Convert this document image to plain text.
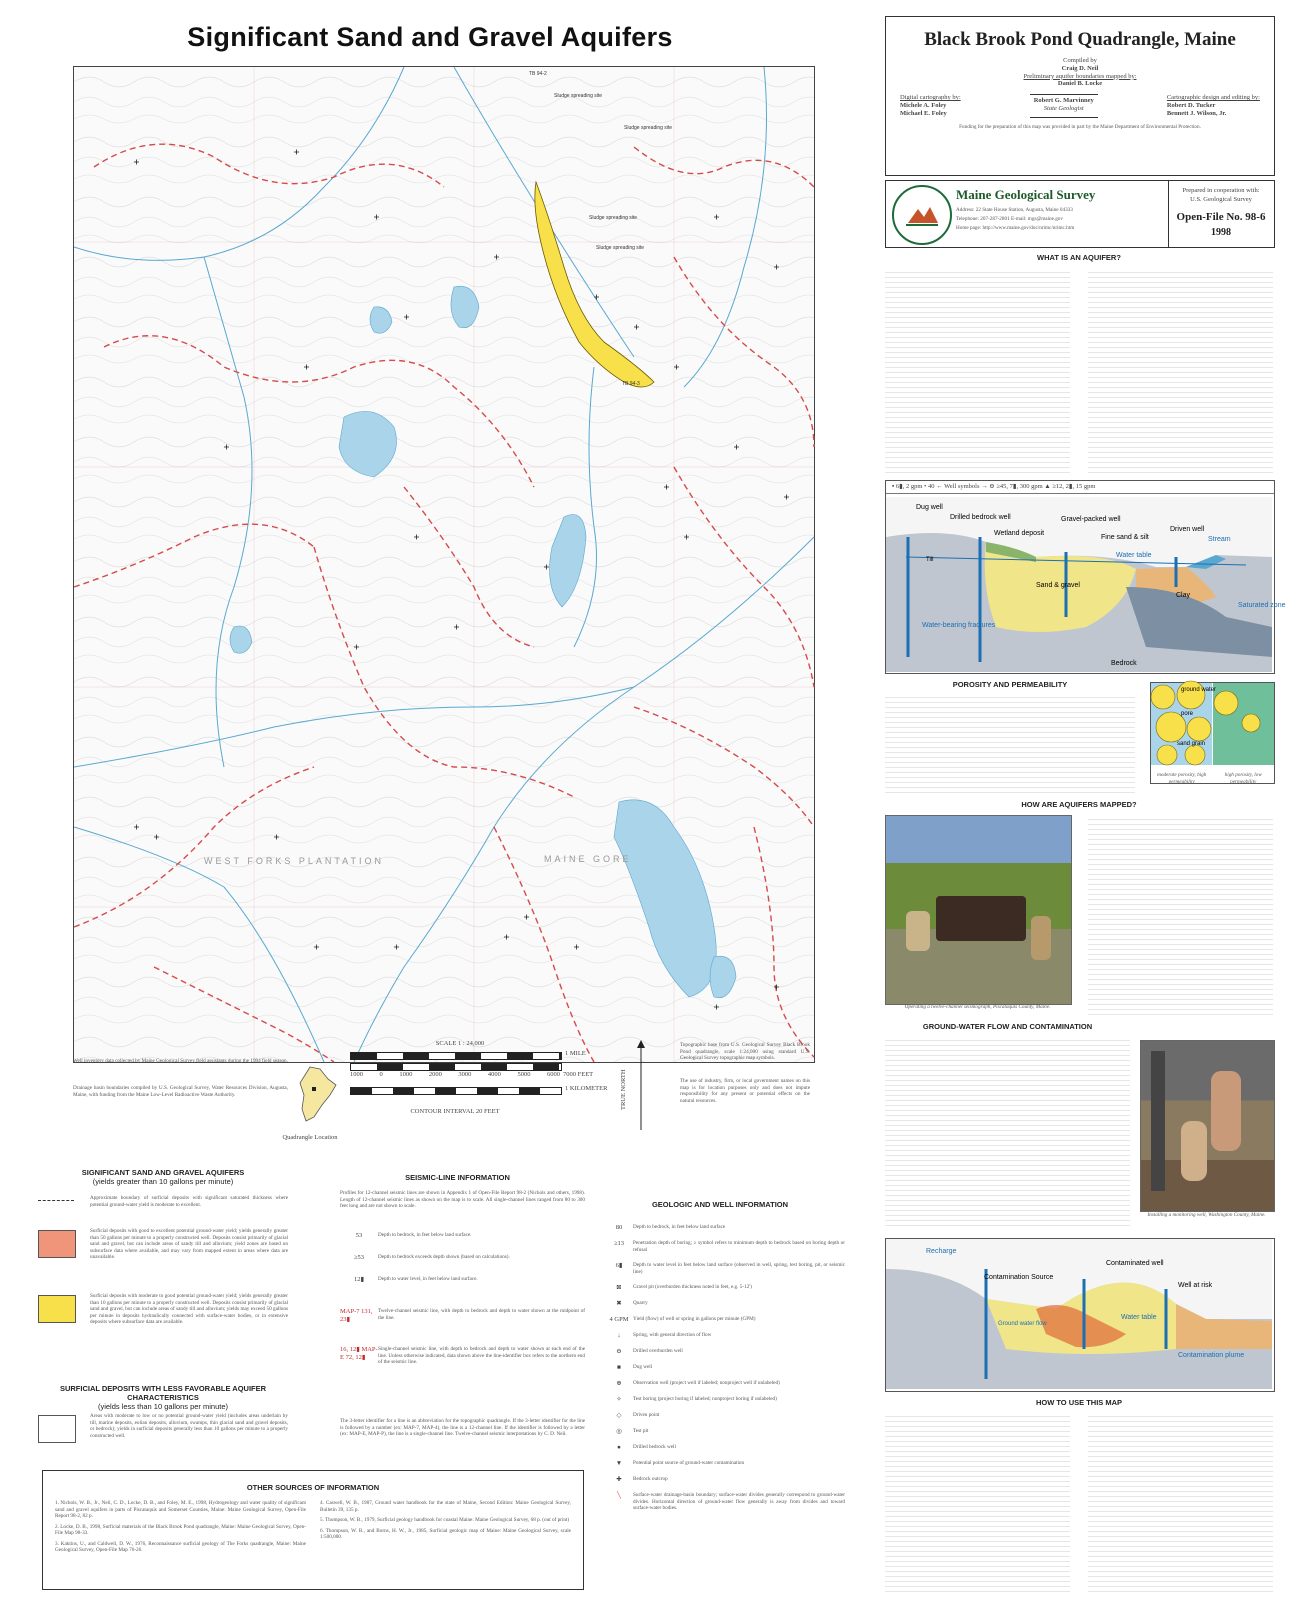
Significant Sand and Gravel Aquifers
Sludge spreading site
Sludge spreading site
Sludge spreading site
Sludge spreading site
TB 94-2
TB 94-3
WEST FORKS PLANTATION	MAINE GORE
Well inventory data collected by Maine Geological Survey field assistants during the 1994 field season.
Drainage basin boundaries compiled by U.S. Geological Survey, Water Resources Division, Augusta, Maine, with funding from the Maine Low-Level Radioactive Waste Authority.
Quadrangle Location
SCALE 1 : 24,000
1 MILE
1000	0	1000	2000	3000	4000	5000	6000 7000 FEET
1 KILOMETER
CONTOUR INTERVAL 20 FEET
TRUE NORTH
Topographic base from U.S. Geological Survey Black Brook Pond quadrangle, scale 1:24,000 using standard U.S. Geological Survey topographic map symbols.
The use of industry, firm, or local government names on this map is for location purposes only and does not impute responsibility for any present or potential effects on the natural resources.
SIGNIFICANT SAND AND GRAVEL AQUIFERS
(yields greater than 10 gallons per minute)
Approximate boundary of surficial deposits with significant saturated thickness where potential ground-water yield is moderate to excellent.
Surficial deposits with good to excellent potential ground-water yield; yields generally greater than 50 gallons per minute to a properly constructed well. Deposits consist primarily of glacial sand and gravel, but can include areas of sandy till and alluvium; yield zones are based on subsurface data where available, and may vary from mapped extent in areas where data are unavailable.
Surficial deposits with moderate to good potential ground-water yield; yields generally greater than 10 gallons per minute to a properly constructed well. Deposits consist primarily of glacial sand and gravel, but can include areas of sandy till and alluvium; yields may exceed 50 gallons per minute in deposits hydraulically connected with surface-water bodies, or in extensive deposits where subsurface data are available.
SURFICIAL DEPOSITS WITH LESS FAVORABLE AQUIFER CHARACTERISTICS
(yields less than 10 gallons per minute)
Areas with moderate to low or no potential ground-water yield (includes areas underlain by till, marine deposits, eolian deposits, alluvium, swamps, thin glacial sand and gravel deposits, or bedrock); yields in surficial deposits generally less than 10 gallons per minute to a properly constructed well.
SEISMIC-LINE INFORMATION
Profiles for 12-channel seismic lines are shown in Appendix 1 of Open-File Report 98-2 (Nichols and others, 1998). Length of 12-channel seismic lines as shown on the map is to scale. All single-channel lines ranged from 80 to 300 feet long and are not shown to scale.
53	Depth to bedrock, in feet below land surface.
≥53	Depth to bedrock exceeds depth shown (based on calculations).
12▮	Depth to water level, in feet below land surface.
MAP-7 131, 23▮
Twelve-channel seismic line, with depth to bedrock and depth to water shown at the midpoint of the line.
16, 12▮ MAP-E 72, 12▮
Single-channel seismic line, with depth to bedrock and depth to water shown at each end of the line. Unless otherwise indicated, data shown above the line-identifier box refers to the northern end of the seismic line.
The 3-letter identifier for a line is an abbreviation for the topographic quadrangle. If the 3-letter identifier for the line is followed by a number (ex: MAP-7, MAP-4), the line is a 12-channel line. If the identifier is followed by a letter (ex: MAP-E, MAP-P), the line is a single-channel line. Twelve-channel seismic interpretations by C. D. Neil.
GEOLOGIC AND WELL INFORMATION
80	Depth to bedrock, in feet below land surface
≥13	Penetration depth of boring; ≥ symbol refers to minimum depth to bedrock based on boring depth or refusal
6▮	Depth to water level in feet below land surface (observed in well, spring, test boring, pit, or seismic line)
⊠	Gravel pit (overburden thickness noted in feet, e.g. 5-12')
✖	Quarry
4 GPM Yield (flow) of well or spring in gallons per minute (GPM)
↓	Spring, with general direction of flow
⊖	Drilled overburden well
■	Dug well
⊕	Observation well (project well if labeled; nonproject well if unlabeled)
✧	Test boring (project boring if labeled; nonproject boring if unlabeled)
◇	Driven point
◎	Test pit
●	Drilled bedrock well
▼	Potential point source of ground-water contamination
✚	Bedrock outcrop
╲	Surface-water drainage-basin boundary; surface-water divides generally correspond to ground-water divides. Horizontal direction of ground-water flow generally is away from divides and toward surface-water bodies.
OTHER SOURCES OF INFORMATION
1. Nichols, W. B., Jr., Neil, C. D., Locke, D. B., and Foley, M. E., 1998, Hydrogeology and water quality of significant sand and gravel aquifers in parts of Piscataquis and Somerset Counties, Maine: Maine Geological Survey, Open-File Report 98-2, 82 p.
2. Locke, D. B., 1998, Surficial materials of the Black Brook Pond quadrangle, Maine: Maine Geological Survey, Open-File Map 98-33.
3. Kaktins, U., and Caldwell, D. W., 1976, Reconnaissance surficial geology of The Forks quadrangle, Maine: Maine Geological Survey, Open-File Map 76-26.
4. Caswell, W. B., 1987, Ground water handbook for the state of Maine, Second Edition: Maine Geological Survey, Bulletin 39, 135 p.
5. Thompson, W. B., 1979, Surficial geology handbook for coastal Maine: Maine Geological Survey, 68 p. (out of print)
6. Thompson, W. B., and Borns, H. W., Jr., 1985, Surficial geologic map of Maine: Maine Geological Survey, scale 1:500,000.
Black Brook Pond Quadrangle, Maine
Compiled by
Craig D. Neil
Preliminary aquifer boundaries mapped by:
Daniel B. Locke
Digital cartography by:
Michele A. Foley
Michael E. Foley
Robert G. Marvinney
State Geologist
Cartographic design and editing by:
Robert D. Tucker
Bennett J. Wilson, Jr.
Funding for the preparation of this map was provided in part by the Maine Department of Environmental Protection.
Maine Geological Survey
Address: 22 State House Station, Augusta, Maine 04333
Telephone: 207-287-2801 E-mail: mgs@maine.gov
Home page: http://www.maine.gov/doc/nrimc/nrimc.htm
Prepared in cooperation with:
U.S. Geological Survey
Open-File No. 98-6
1998
WHAT IS AN AQUIFER?
▪ 6▮, 2 gpm • 40 ← Well symbols → ⊖ ≥45, 7▮, 300 gpm ▲ ≥12, 2▮, 15 gpm
Dug well
Drilled bedrock well	Gravel-packed well
Driven well
Wetland deposit
Fine sand & silt	Stream
Water table
Sand & gravel
Clay
Saturated zone
Water-bearing fractures
Bedrock
Till
POROSITY AND PERMEABILITY
ground water
pore
sand grain
moderate porosity, high permeability
high porosity, low permeability
HOW ARE AQUIFERS MAPPED?
Operating a twelve-channel seismograph, Piscataquis County, Maine.
GROUND-WATER FLOW AND CONTAMINATION
Installing a monitoring well, Washington County, Maine.
Recharge
Contamination Source
Contaminated well
Well at risk
Water table
Contamination plume
Ground water flow
HOW TO USE THIS MAP
